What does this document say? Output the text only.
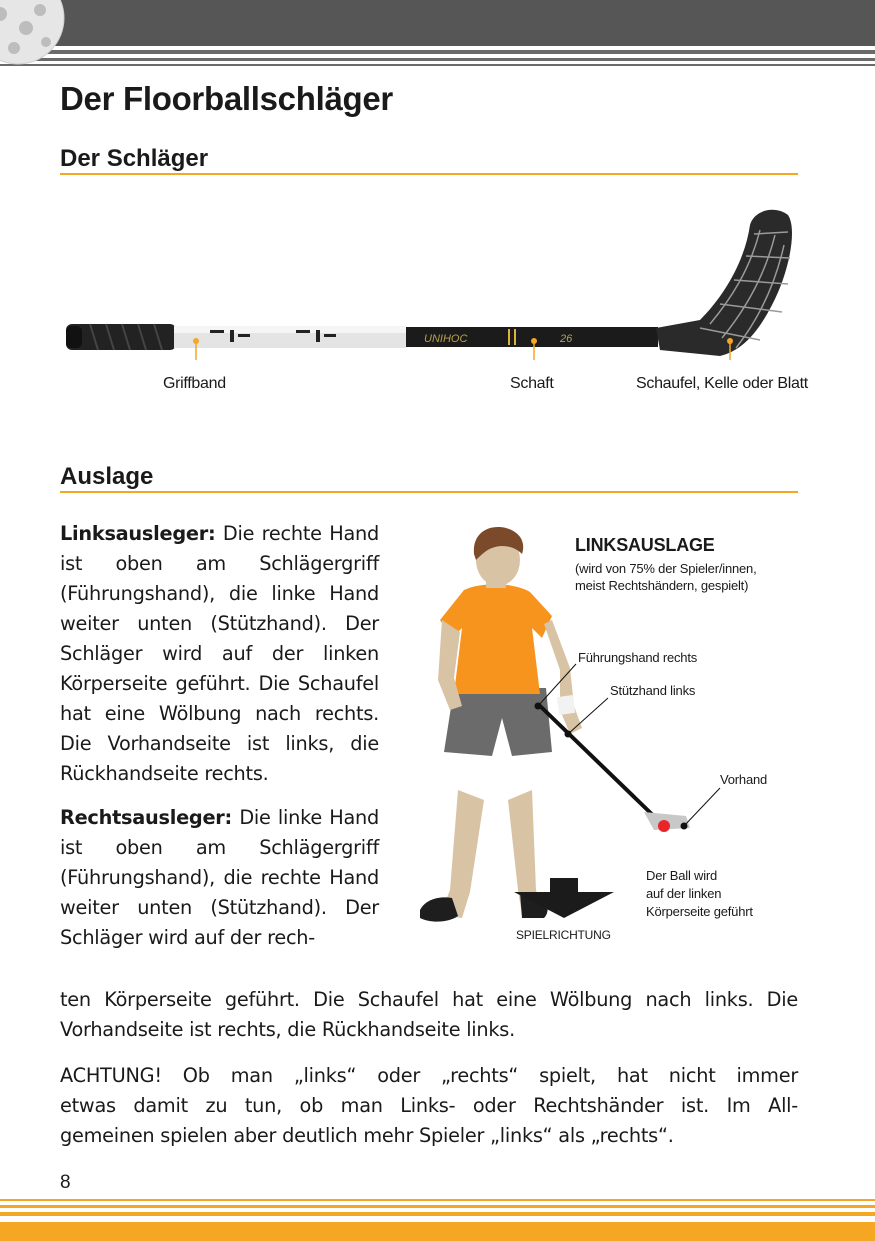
Der Floorballschläger
Der Schläger
UNIHOC	26
Griffband	Schaft	Schaufel, Kelle oder Blatt
Auslage

Linksausleger: Die rechte Hand ist oben am Schlägergriff (Führungshand), die linke Hand weiter unten (Stützhand). Der Schläger wird auf der linken Körperseite geführt. Die Schaufel hat eine Wölbung nach rechts. Die Vorhandseite ist links, die Rückhandseite rechts.

Rechtsausleger: Die linke Hand ist oben am Schlägergriff (Führungshand), die rechte Hand weiter unten (Stützhand). Der Schläger wird auf der rech-

ten Körperseite geführt. Die Schaufel hat eine Wölbung nach links. Die
Vorhandseite ist rechts, die Rückhandseite links.
ACHTUNG! Ob man „links“ oder „rechts“ spielt, hat nicht immer
etwas damit zu tun, ob man Links- oder Rechtshänder ist. Im All-
gemeinen spielen aber deutlich mehr Spieler „links“ als „rechts“.
LINKSAUSLAGE
(wird von 75% der Spieler/innen,
meist Rechtshändern, gespielt)
Führungshand rechts
Stützhand links
Vorhand
Der Ball wird
auf der linken
Körperseite geführt
SPIELRICHTUNG
8
